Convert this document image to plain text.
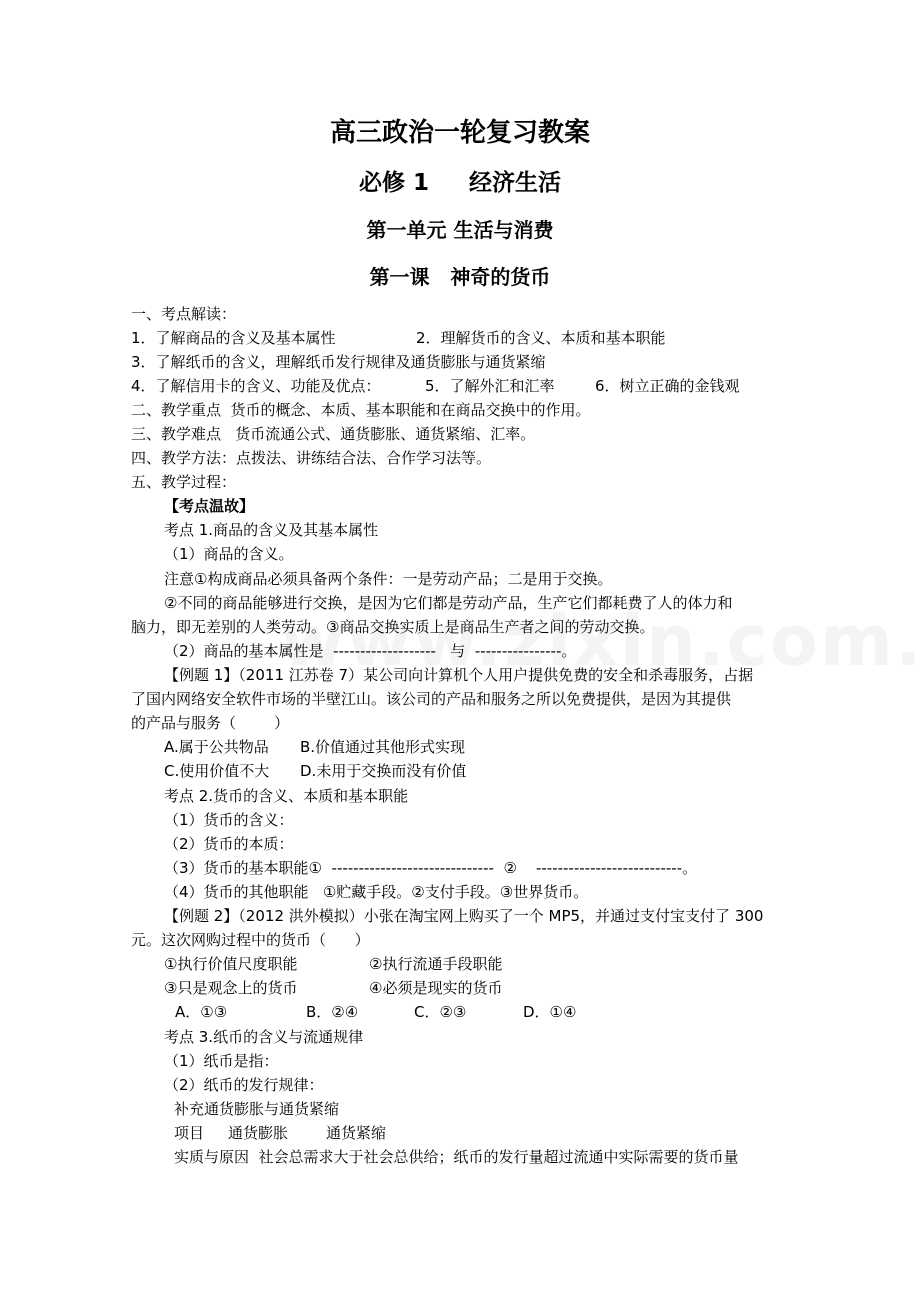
高三政治一轮复习教案
必修 1     经济生活
第一单元 生活与消费
第一课   神奇的货币
一、考点解读：
1．了解商品的含义及基本属性	2．理解货币的含义、本质和基本职能
3．了解纸币的含义，理解纸币发行规律及通货膨胀与通货紧缩
4．了解信用卡的含义、功能及优点：	5．了解外汇和汇率	6．树立正确的金钱观
二、教学重点  货币的概念、本质、基本职能和在商品交换中的作用。
三、教学难点   货币流通公式、通货膨胀、通货紧缩、汇率。
四、教学方法：点拨法、讲练结合法、合作学习法等。
五、教学过程：
【考点温故】
考点 1.商品的含义及其基本属性
（1）商品的含义。
注意①构成商品必须具备两个条件：一是劳动产品；二是用于交换。
②不同的商品能够进行交换，是因为它们都是劳动产品，生产它们都耗费了人的体力和
脑力，即无差别的人类劳动。③商品交换实质上是商品生产者之间的劳动交换。
（2）商品的基本属性是  -------------------   与  ----------------。
【例题 1】（2011 江苏卷 7）某公司向计算机个人用户提供免费的安全和杀毒服务，占据
了国内网络安全软件市场的半壁江山。该公司的产品和服务之所以免费提供，是因为其提供
的产品与服务（        ）
A.属于公共物品 B.价值通过其他形式实现
C.使用价值不大 D.未用于交换而没有价值
考点 2.货币的含义、本质和基本职能
（1）货币的含义：
（2）货币的本质：
（3）货币的基本职能①  ------------------------------  ②    ---------------------------。
（4）货币的其他职能   ①贮藏手段。②支付手段。③世界货币。
【例题 2】（2012 洪外模拟）小张在淘宝网上购买了一个 MP5，并通过支付宝支付了 300
元。这次网购过程中的货币（      ）
①执行价值尺度职能	②执行流通手段职能
③只是观念上的货币	④必须是现实的货币
A．①③	B．②④	C．②③	D．①④
考点 3.纸币的含义与流通规律
（1）纸币是指：
（2）纸币的发行规律：
补充通货膨胀与通货紧缩
项目 通货膨胀	通货紧缩
实质与原因  社会总需求大于社会总供给；纸币的发行量超过流通中实际需要的货币量
